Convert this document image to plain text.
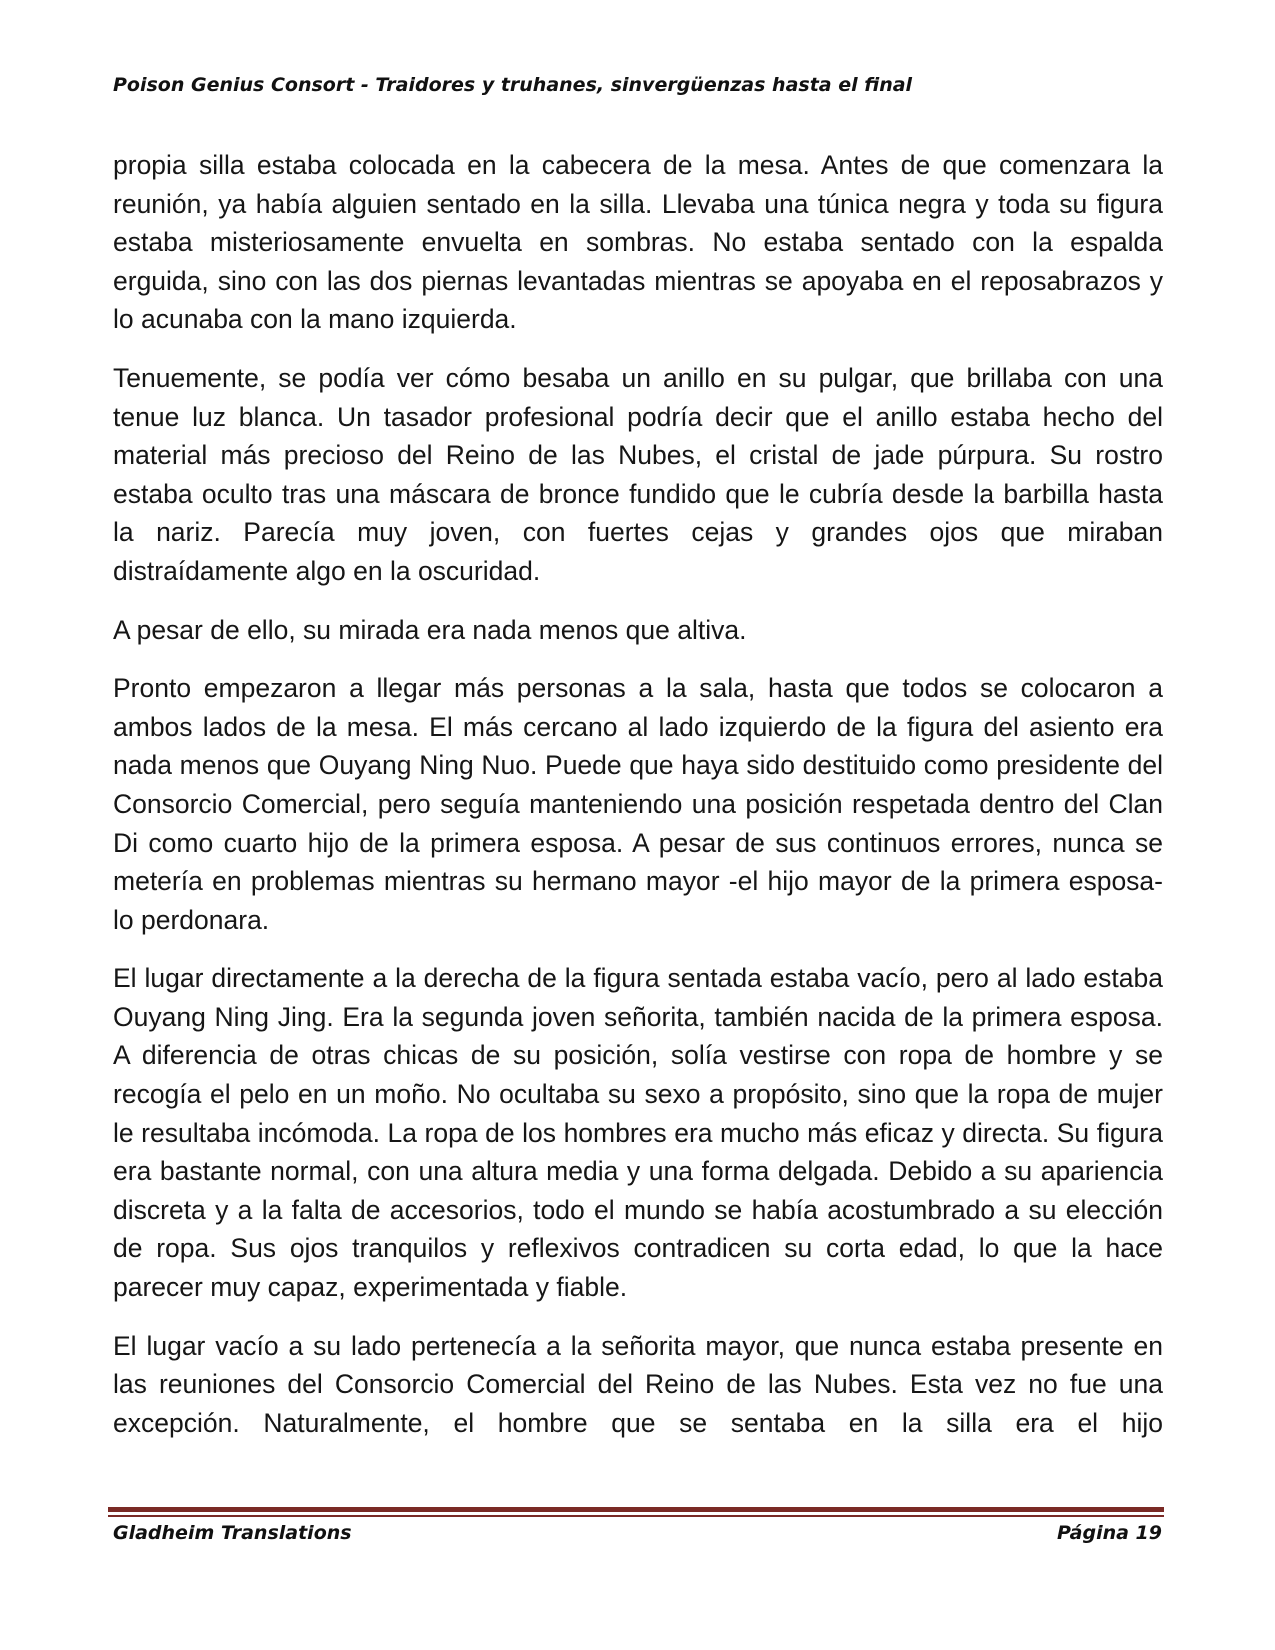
Poison Genius Consort - Traidores y truhanes, sinvergüenzas hasta el final

propia silla estaba colocada en la cabecera de la mesa. Antes de que comenzara la reunión, ya había alguien sentado en la silla. Llevaba una túnica negra y toda su figura estaba misteriosamente envuelta en sombras. No estaba sentado con la espalda erguida, sino con las dos piernas levantadas mientras se apoyaba en el reposabrazos y lo acunaba con la mano izquierda.

Tenuemente, se podía ver cómo besaba un anillo en su pulgar, que brillaba con una tenue luz blanca. Un tasador profesional podría decir que el anillo estaba hecho del material más precioso del Reino de las Nubes, el cristal de jade púrpura. Su rostro estaba oculto tras una máscara de bronce fundido que le cubría desde la barbilla hasta la nariz. Parecía muy joven, con fuertes cejas y grandes ojos que miraban distraídamente algo en la oscuridad.

A pesar de ello, su mirada era nada menos que altiva.

Pronto empezaron a llegar más personas a la sala, hasta que todos se colocaron a ambos lados de la mesa. El más cercano al lado izquierdo de la figura del asiento era nada menos que Ouyang Ning Nuo. Puede que haya sido destituido como presidente del Consorcio Comercial, pero seguía manteniendo una posición respetada dentro del Clan Di como cuarto hijo de la primera esposa. A pesar de sus continuos errores, nunca se metería en problemas mientras su hermano mayor -el hijo mayor de la primera esposa- lo perdonara.

El lugar directamente a la derecha de la figura sentada estaba vacío, pero al lado estaba Ouyang Ning Jing. Era la segunda joven señorita, también nacida de la primera esposa. A diferencia de otras chicas de su posición, solía vestirse con ropa de hombre y se recogía el pelo en un moño. No ocultaba su sexo a propósito, sino que la ropa de mujer le resultaba incómoda. La ropa de los hombres era mucho más eficaz y directa. Su figura era bastante normal, con una altura media y una forma delgada. Debido a su apariencia discreta y a la falta de accesorios, todo el mundo se había acostumbrado a su elección de ropa. Sus ojos tranquilos y reflexivos contradicen su corta edad, lo que la hace parecer muy capaz, experimentada y fiable.

El lugar vacío a su lado pertenecía a la señorita mayor, que nunca estaba presente en las reuniones del Consorcio Comercial del Reino de las Nubes. Esta vez no fue una excepción. Naturalmente, el hombre que se sentaba en la silla era el hijo

Gladheim Translations	Página 19
